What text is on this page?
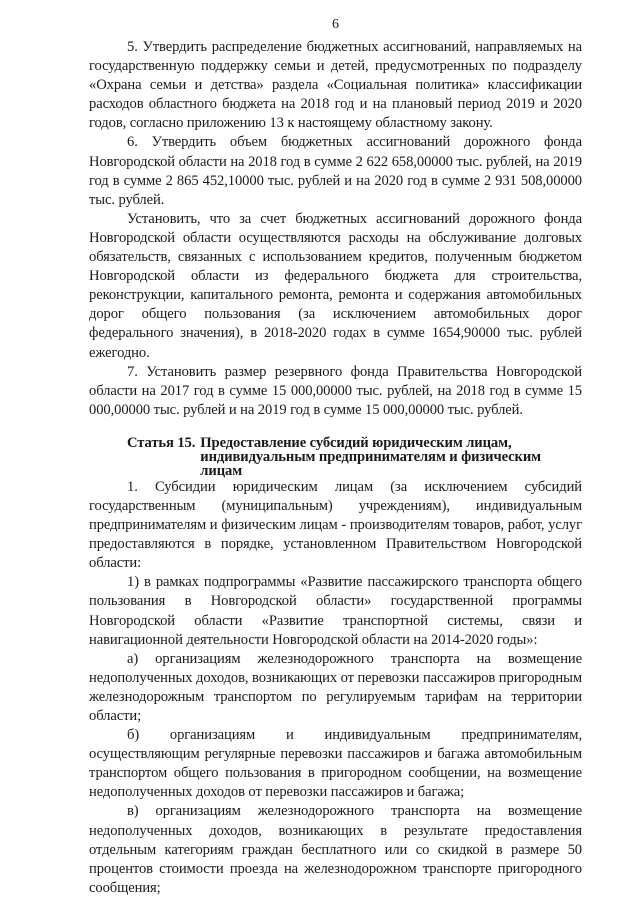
6

5. Утвердить распределение бюджетных ассигнований, направляемых на государственную поддержку семьи и детей, предусмотренных по подразделу «Охрана семьи и детства» раздела «Социальная политика» классификации расходов областного бюджета на 2018 год и на плановый период 2019 и 2020 годов, согласно приложению 13 к настоящему областному закону.

6. Утвердить объем бюджетных ассигнований дорожного фонда Новгородской области на 2018 год в сумме 2 622 658,00000 тыс. рублей, на 2019 год в сумме 2 865 452,10000 тыс. рублей и на 2020 год в сумме 2 931 508,00000 тыс. рублей.

Установить, что за счет бюджетных ассигнований дорожного фонда Новгородской области осуществляются расходы на обслуживание долговых обязательств, связанных с использованием кредитов, полученным бюджетом Новгородской области из федерального бюджета для строительства, реконструкции, капитального ремонта, ремонта и содержания автомобильных дорог общего пользования (за исключением автомобильных дорог федерального значения), в 2018-2020 годах в сумме 1654,90000 тыс. рублей ежегодно.

7. Установить размер резервного фонда Правительства Новгородской области на 2017 год в сумме 15 000,00000 тыс. рублей, на 2018 год в сумме 15 000,00000 тыс. рублей и на 2019 год в сумме 15 000,00000 тыс. рублей.

Статья 15. Предоставление субсидий юридическим лицам, индивидуальным предпринимателям и физическим лицам

1. Субсидии юридическим лицам (за исключением субсидий государственным (муниципальным) учреждениям), индивидуальным предпринимателям и физическим лицам - производителям товаров, работ, услуг предоставляются в порядке, установленном Правительством Новгородской области:

1) в рамках подпрограммы «Развитие пассажирского транспорта общего пользования в Новгородской области» государственной программы Новгородской области «Развитие транспортной системы, связи и навигационной деятельности Новгородской области на 2014-2020 годы»:

а) организациям железнодорожного транспорта на возмещение недополученных доходов, возникающих от перевозки пассажиров пригородным железнодорожным транспортом по регулируемым тарифам на территории области;

б) организациям и индивидуальным предпринимателям, осуществляющим регулярные перевозки пассажиров и багажа автомобильным транспортом общего пользования в пригородном сообщении, на возмещение недополученных доходов от перевозки пассажиров и багажа;

в) организациям железнодорожного транспорта на возмещение недополученных доходов, возникающих в результате предоставления отдельным категориям граждан бесплатного или со скидкой в размере 50 процентов стоимости проезда на железнодорожном транспорте пригородного сообщения;
